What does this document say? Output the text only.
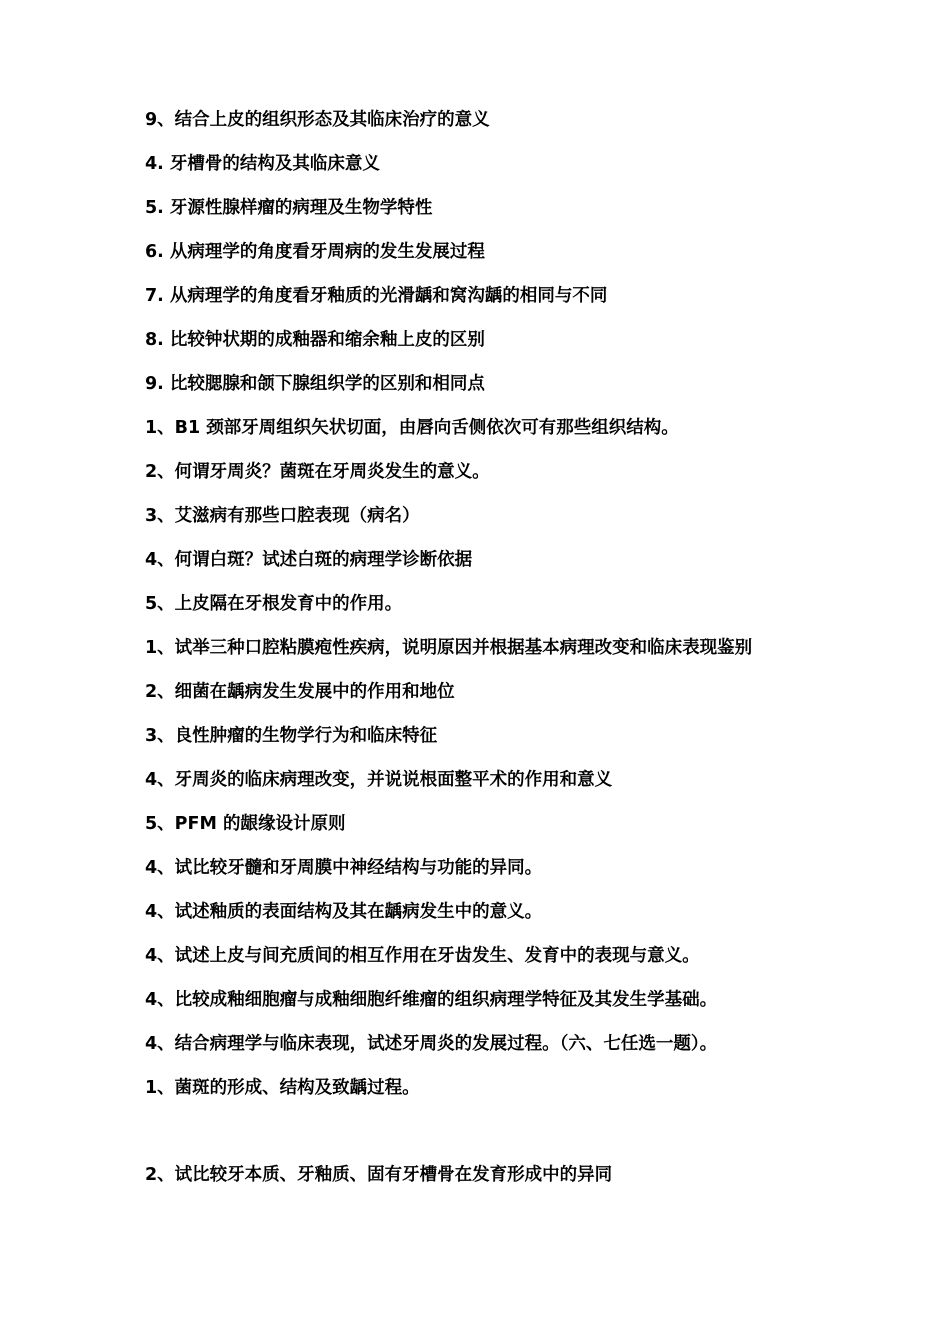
9、结合上皮的组织形态及其临床治疗的意义
4. 牙槽骨的结构及其临床意义
5. 牙源性腺样瘤的病理及生物学特性
6. 从病理学的角度看牙周病的发生发展过程
7. 从病理学的角度看牙釉质的光滑龋和窝沟龋的相同与不同
8. 比较钟状期的成釉器和缩余釉上皮的区别
9. 比较腮腺和颌下腺组织学的区别和相同点
1、B1 颈部牙周组织矢状切面，由唇向舌侧依次可有那些组织结构。
2、何谓牙周炎？菌斑在牙周炎发生的意义。
3、艾滋病有那些口腔表现（病名）
4、何谓白斑？试述白斑的病理学诊断依据
5、上皮隔在牙根发育中的作用。
1、试举三种口腔粘膜疱性疾病，说明原因并根据基本病理改变和临床表现鉴别
2、细菌在龋病发生发展中的作用和地位
3、良性肿瘤的生物学行为和临床特征
4、牙周炎的临床病理改变，并说说根面整平术的作用和意义
5、PFM 的龈缘设计原则
4、试比较牙髓和牙周膜中神经结构与功能的异同。
4、试述釉质的表面结构及其在龋病发生中的意义。
4、试述上皮与间充质间的相互作用在牙齿发生、发育中的表现与意义。
4、比较成釉细胞瘤与成釉细胞纤维瘤的组织病理学特征及其发生学基础。
4、结合病理学与临床表现，试述牙周炎的发展过程。（六、七任选一题）。
1、菌斑的形成、结构及致龋过程。
2、试比较牙本质、牙釉质、固有牙槽骨在发育形成中的异同
